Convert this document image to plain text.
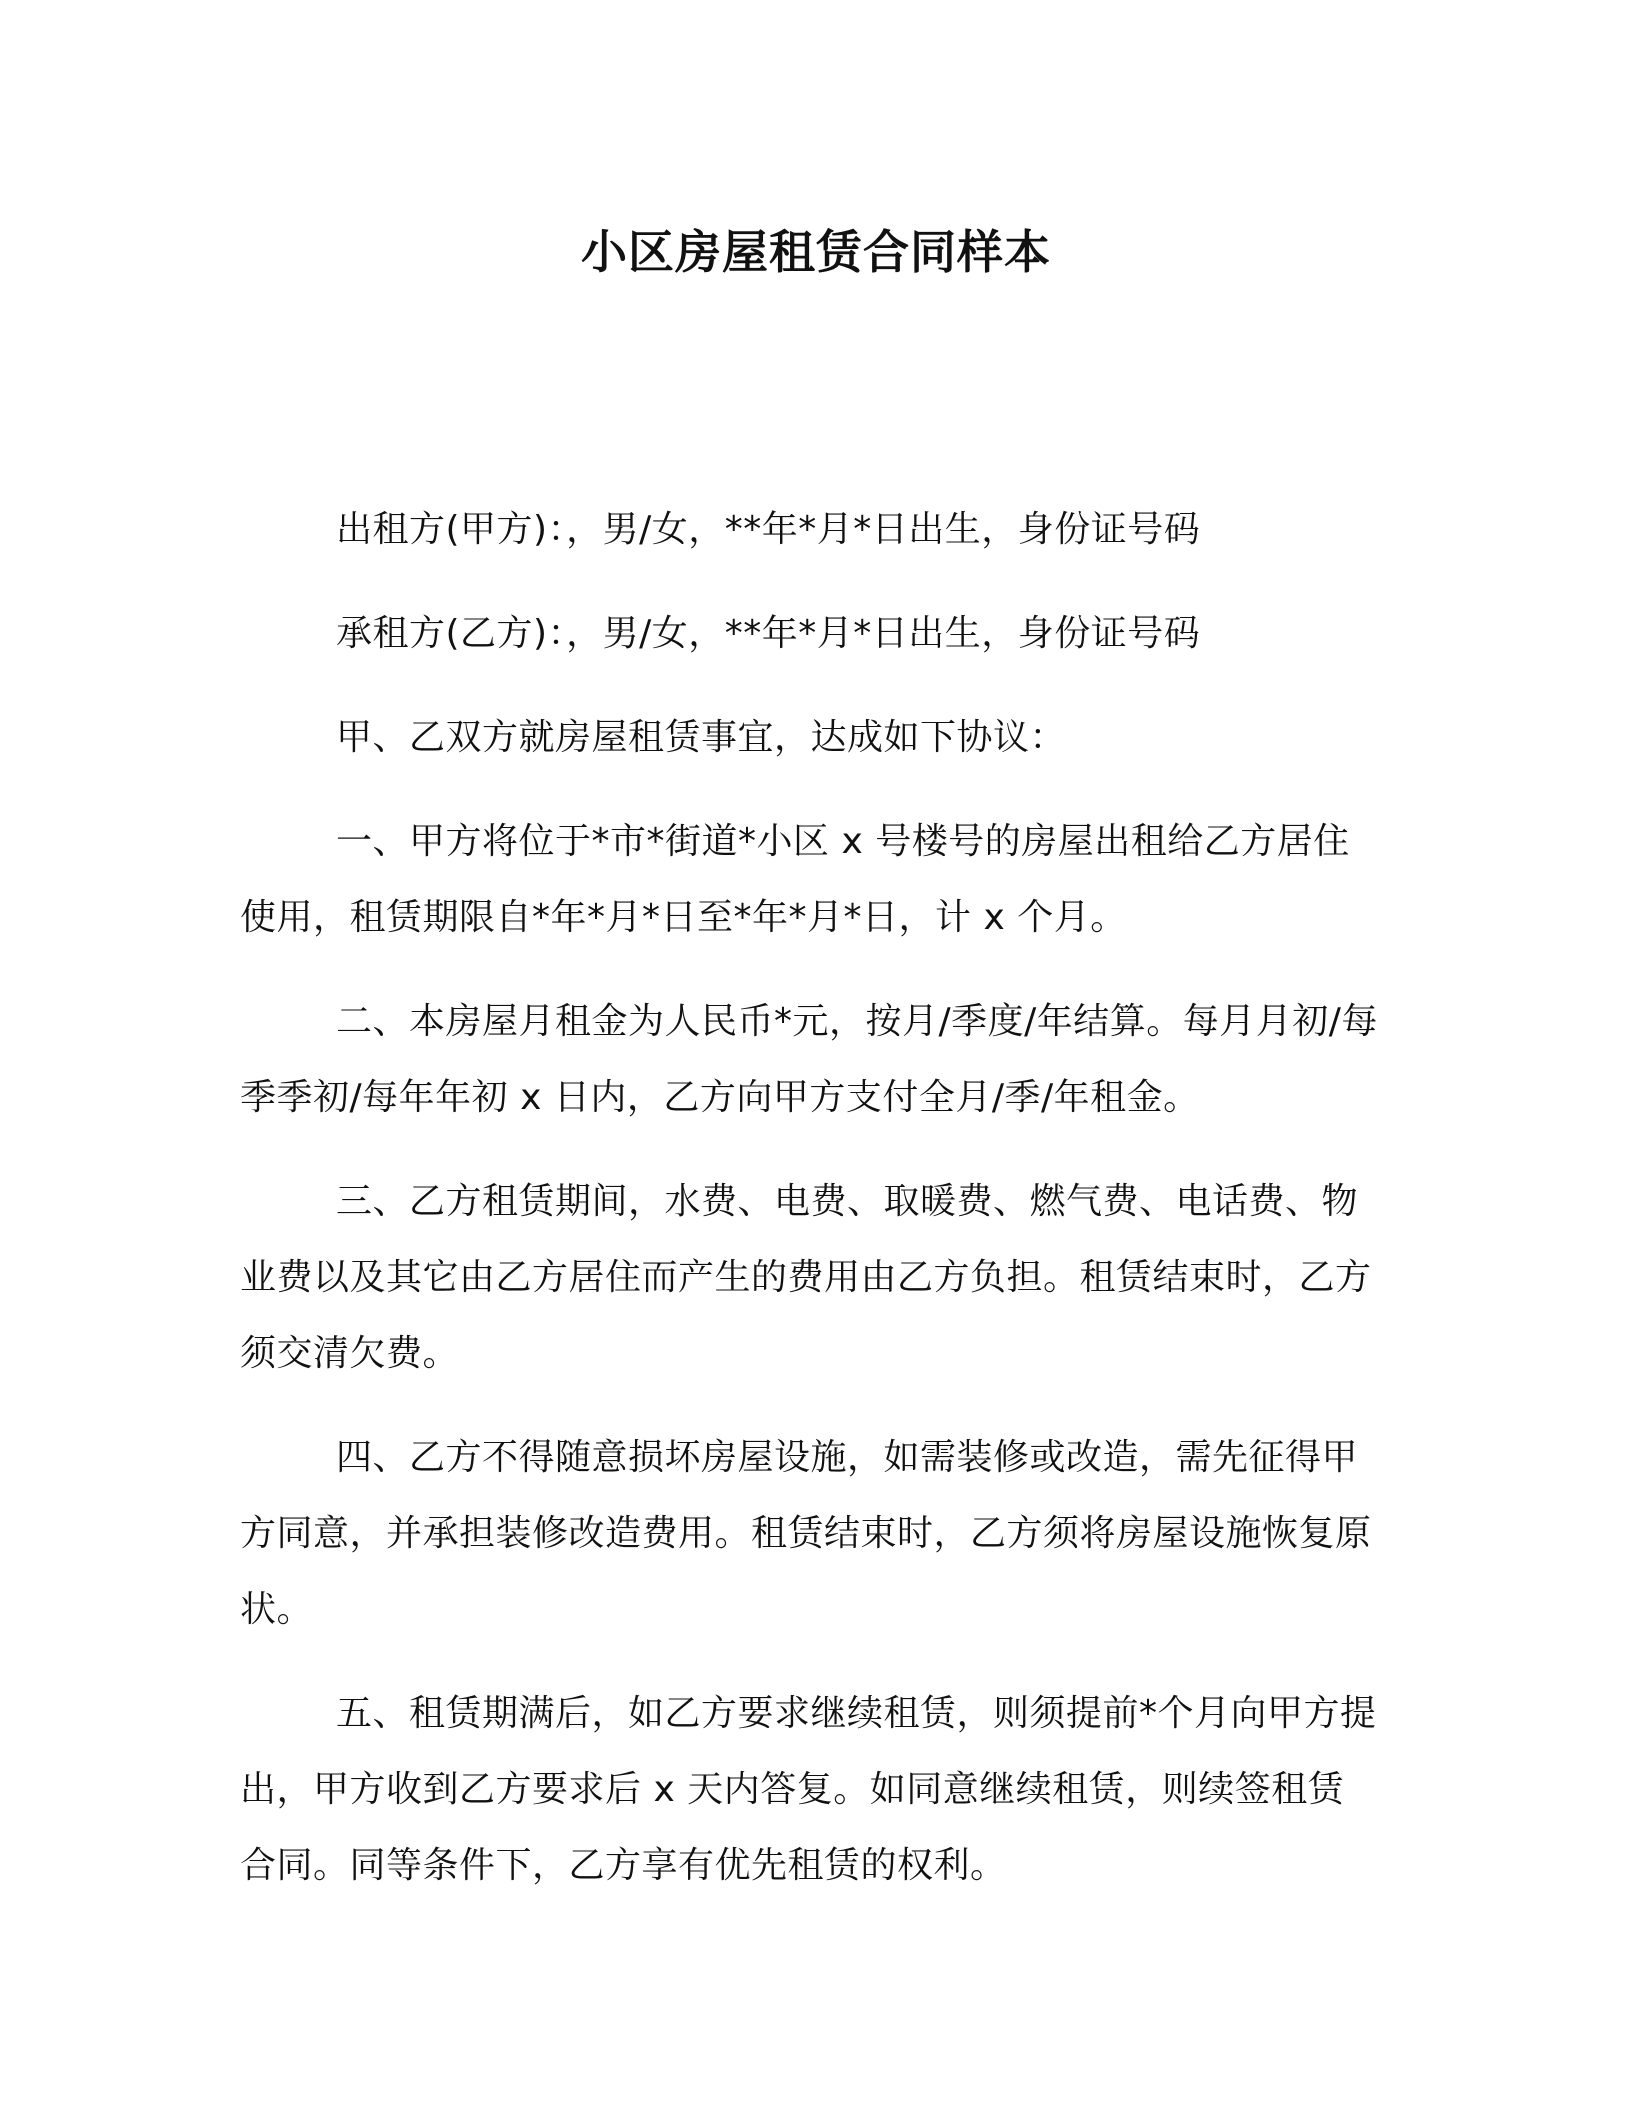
小区房屋租赁合同样本

出租方(甲方)：，男/女，**年*月*日出生，身份证号码

承租方(乙方)：，男/女，**年*月*日出生，身份证号码

甲、乙双方就房屋租赁事宜，达成如下协议：

一、甲方将位于*市*街道*小区 x 号楼号的房屋出租给乙方居住使用，租赁期限自*年*月*日至*年*月*日，计 x 个月。

二、本房屋月租金为人民币*元，按月/季度/年结算。每月月初/每季季初/每年年初 x 日内，乙方向甲方支付全月/季/年租金。

三、乙方租赁期间，水费、电费、取暖费、燃气费、电话费、物业费以及其它由乙方居住而产生的费用由乙方负担。租赁结束时，乙方须交清欠费。

四、乙方不得随意损坏房屋设施，如需装修或改造，需先征得甲方同意，并承担装修改造费用。租赁结束时，乙方须将房屋设施恢复原状。

五、租赁期满后，如乙方要求继续租赁，则须提前*个月向甲方提出，甲方收到乙方要求后 x 天内答复。如同意继续租赁，则续签租赁合同。同等条件下，乙方享有优先租赁的权利。
